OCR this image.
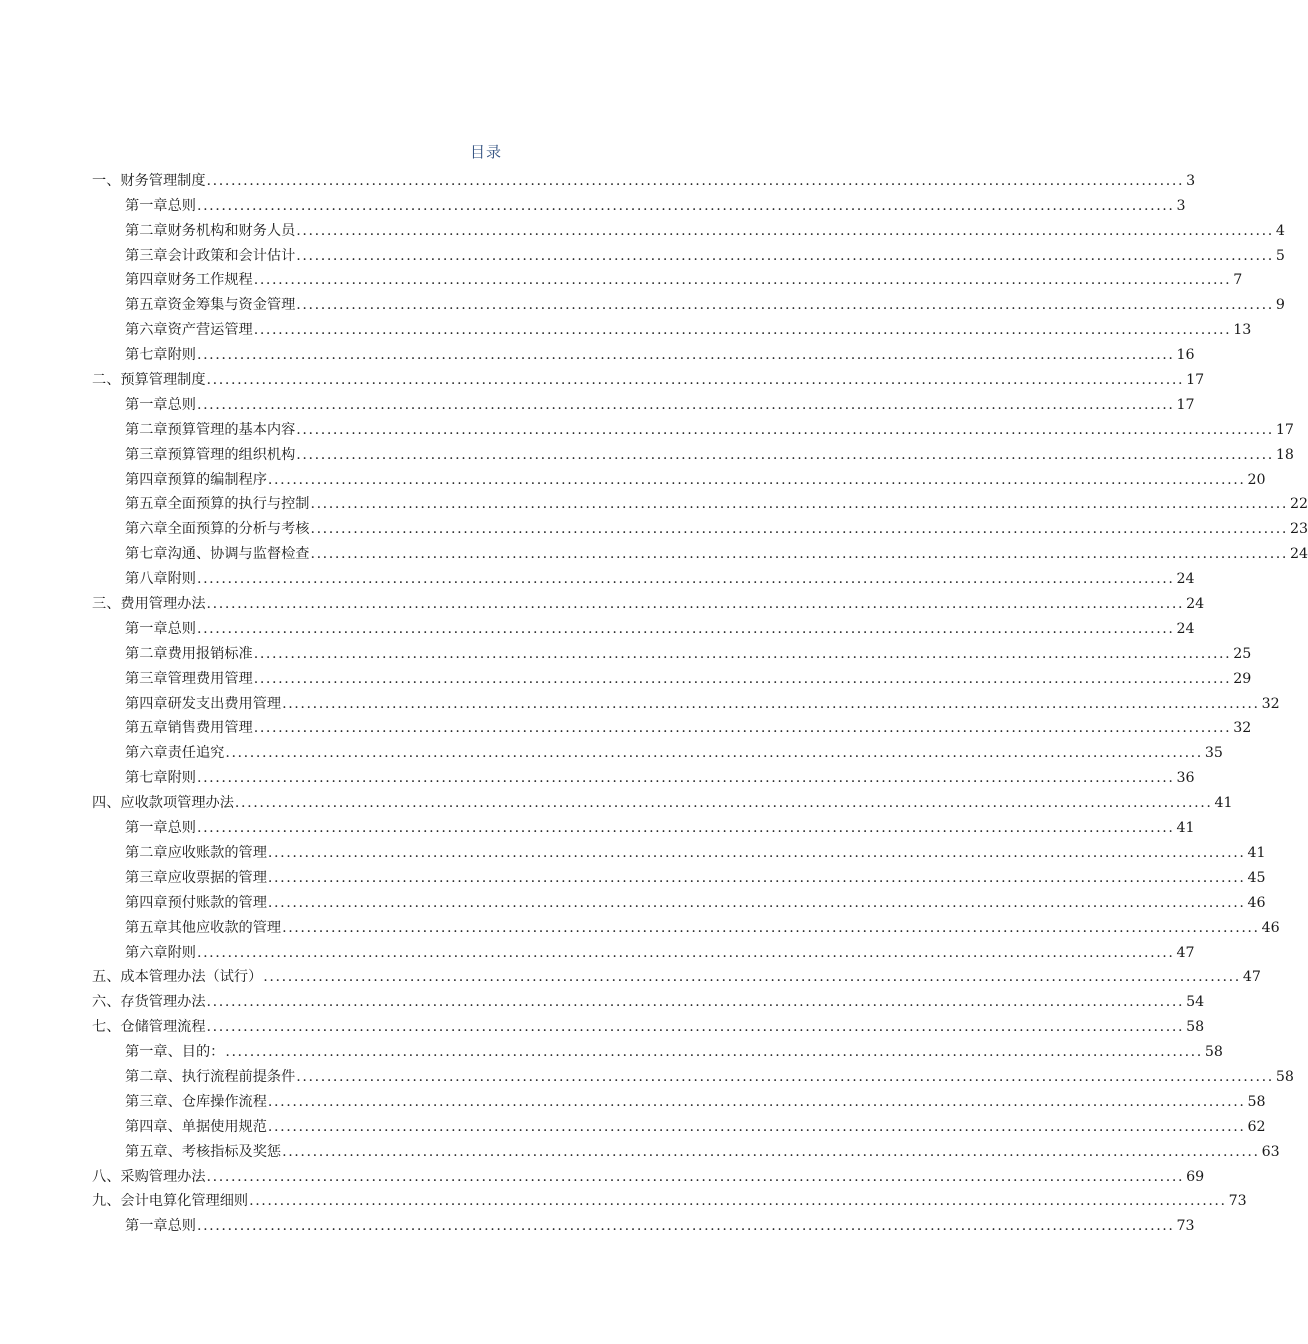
目录
一、财务管理制度 ................................................................................................................................................................ 3
第一章总则 ................................................................................................................................................................ 3
第二章财务机构和财务人员 ................................................................................................................................................................ 4
第三章会计政策和会计估计 ................................................................................................................................................................ 5
第四章财务工作规程 ................................................................................................................................................................ 7
第五章资金筹集与资金管理 ................................................................................................................................................................ 9
第六章资产营运管理 ................................................................................................................................................................ 13
第七章附则 ................................................................................................................................................................ 16
二、预算管理制度 ................................................................................................................................................................ 17
第一章总则 ................................................................................................................................................................ 17
第二章预算管理的基本内容 ................................................................................................................................................................ 17
第三章预算管理的组织机构 ................................................................................................................................................................ 18
第四章预算的编制程序 ................................................................................................................................................................ 20
第五章全面预算的执行与控制 ................................................................................................................................................................ 22
第六章全面预算的分析与考核 ................................................................................................................................................................ 23
第七章沟通、协调与监督检查 ................................................................................................................................................................ 24
第八章附则 ................................................................................................................................................................ 24
三、费用管理办法 ................................................................................................................................................................ 24
第一章总则 ................................................................................................................................................................ 24
第二章费用报销标准 ................................................................................................................................................................ 25
第三章管理费用管理 ................................................................................................................................................................ 29
第四章研发支出费用管理 ................................................................................................................................................................ 32
第五章销售费用管理 ................................................................................................................................................................ 32
第六章责任追究 ................................................................................................................................................................ 35
第七章附则 ................................................................................................................................................................ 36
四、应收款项管理办法 ................................................................................................................................................................ 41
第一章总则 ................................................................................................................................................................ 41
第二章应收账款的管理 ................................................................................................................................................................ 41
第三章应收票据的管理 ................................................................................................................................................................ 45
第四章预付账款的管理 ................................................................................................................................................................ 46
第五章其他应收款的管理 ................................................................................................................................................................ 46
第六章附则 ................................................................................................................................................................ 47
五、成本管理办法（试行） ................................................................................................................................................................ 47
六、存货管理办法 ................................................................................................................................................................ 54
七、仓储管理流程 ................................................................................................................................................................ 58
第一章、目的： ................................................................................................................................................................ 58
第二章、执行流程前提条件 ................................................................................................................................................................ 58
第三章、仓库操作流程 ................................................................................................................................................................ 58
第四章、单据使用规范 ................................................................................................................................................................ 62
第五章、考核指标及奖惩 ................................................................................................................................................................ 63
八、采购管理办法 ................................................................................................................................................................ 69
九、会计电算化管理细则 ................................................................................................................................................................ 73
第一章总则 ................................................................................................................................................................ 73
